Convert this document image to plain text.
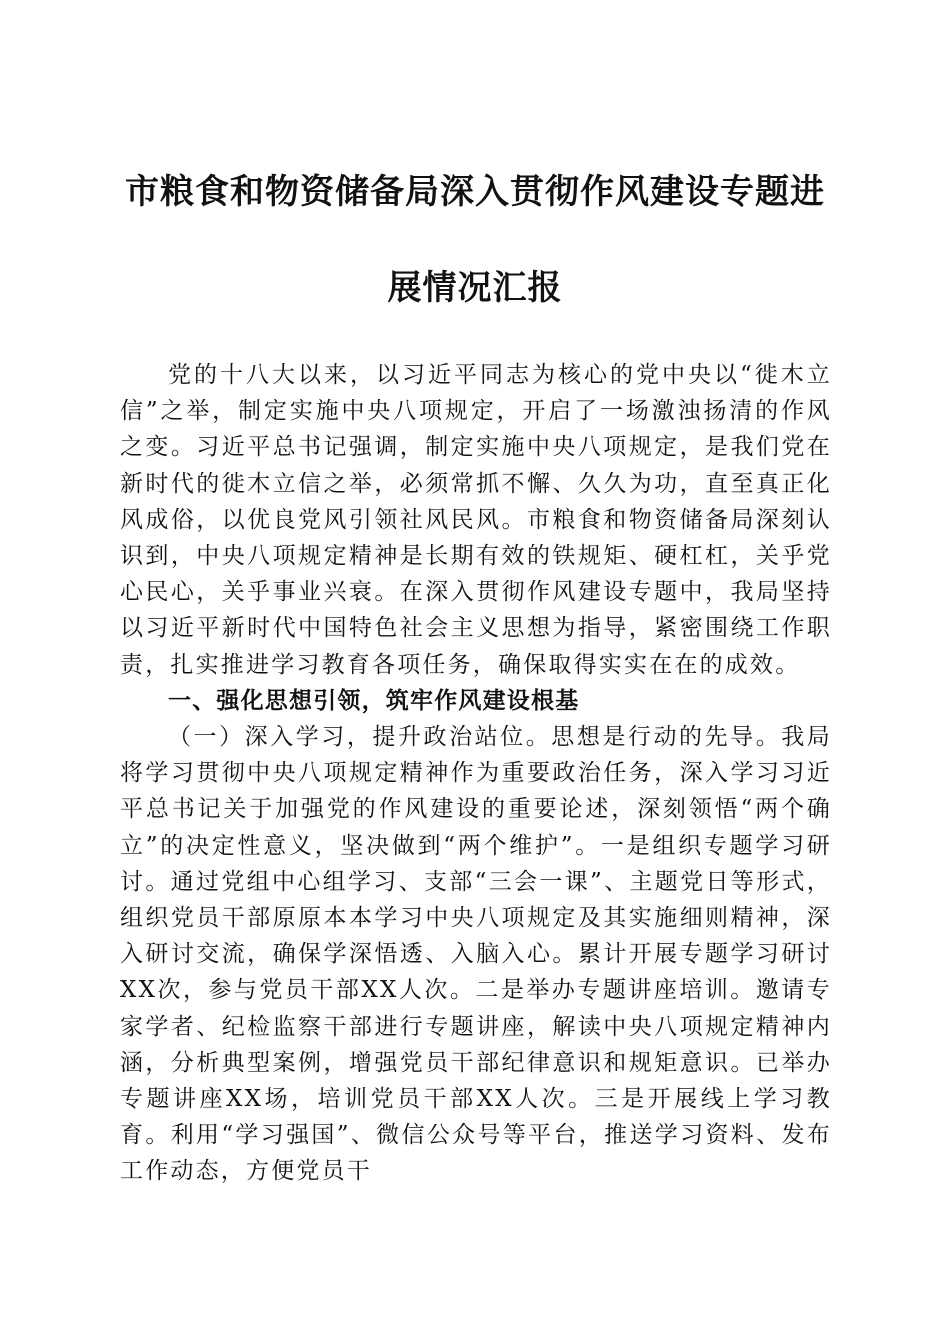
市粮食和物资储备局深入贯彻作风建设专题进
展情况汇报

党的十八大以来，以习近平同志为核心的党中央以“徙木立信”之举，制定实施中央八项规定，开启了一场激浊扬清的作风之变。习近平总书记强调，制定实施中央八项规定，是我们党在新时代的徙木立信之举，必须常抓不懈、久久为功，直至真正化风成俗，以优良党风引领社风民风。市粮食和物资储备局深刻认识到，中央八项规定精神是长期有效的铁规矩、硬杠杠，关乎党心民心，关乎事业兴衰。在深入贯彻作风建设专题中，我局坚持以习近平新时代中国特色社会主义思想为指导，紧密围绕工作职责，扎实推进学习教育各项任务，确保取得实实在在的成效。

一、强化思想引领，筑牢作风建设根基

（一）深入学习，提升政治站位。思想是行动的先导。我局将学习贯彻中央八项规定精神作为重要政治任务，深入学习习近平总书记关于加强党的作风建设的重要论述，深刻领悟“两个确立”的决定性意义，坚决做到“两个维护”。一是组织专题学习研讨。通过党组中心组学习、支部“三会一课”、主题党日等形式，组织党员干部原原本本学习中央八项规定及其实施细则精神，深入研讨交流，确保学深悟透、入脑入心。累计开展专题学习研讨XX次，参与党员干部XX人次。二是举办专题讲座培训。邀请专家学者、纪检监察干部进行专题讲座，解读中央八项规定精神内涵，分析典型案例，增强党员干部纪律意识和规矩意识。已举办专题讲座XX场，培训党员干部XX人次。三是开展线上学习教育。利用“学习强国”、微信公众号等平台，推送学习资料、发布工作动态，方便党员干
